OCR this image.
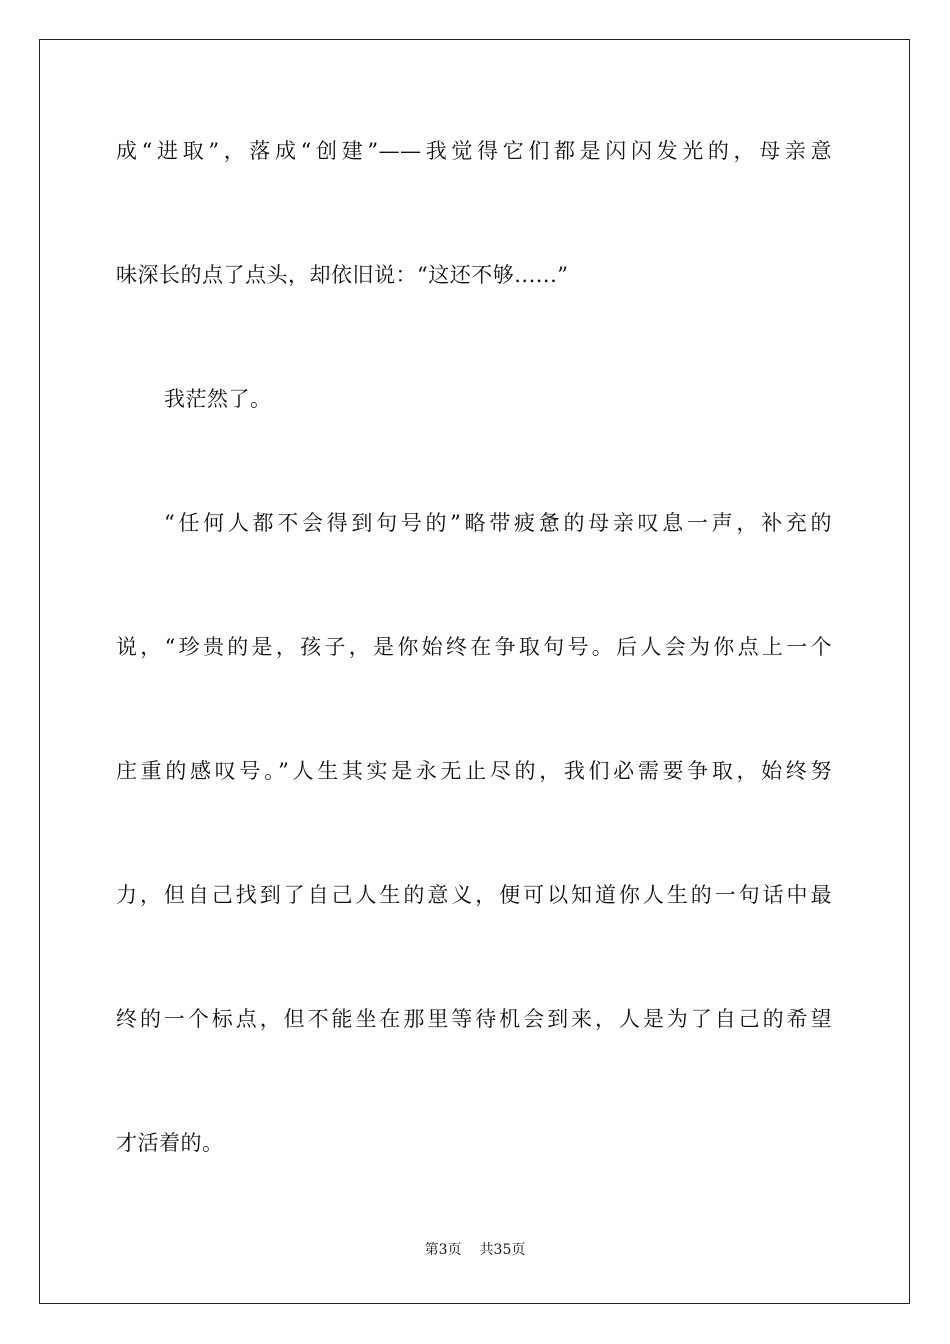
成“进取”，落成“创建”——我觉得它们都是闪闪发光的，母亲意
味深长的点了点头，却依旧说：“这还不够......”
我茫然了。
“任何人都不会得到句号的”略带疲惫的母亲叹息一声，补充的
说，“珍贵的是，孩子，是你始终在争取句号。后人会为你点上一个
庄重的感叹号。”人生其实是永无止尽的，我们必需要争取，始终努
力，但自己找到了自己人生的意义，便可以知道你人生的一句话中最
终的一个标点，但不能坐在那里等待机会到来，人是为了自己的希望
才活着的。
第3页 共35页
